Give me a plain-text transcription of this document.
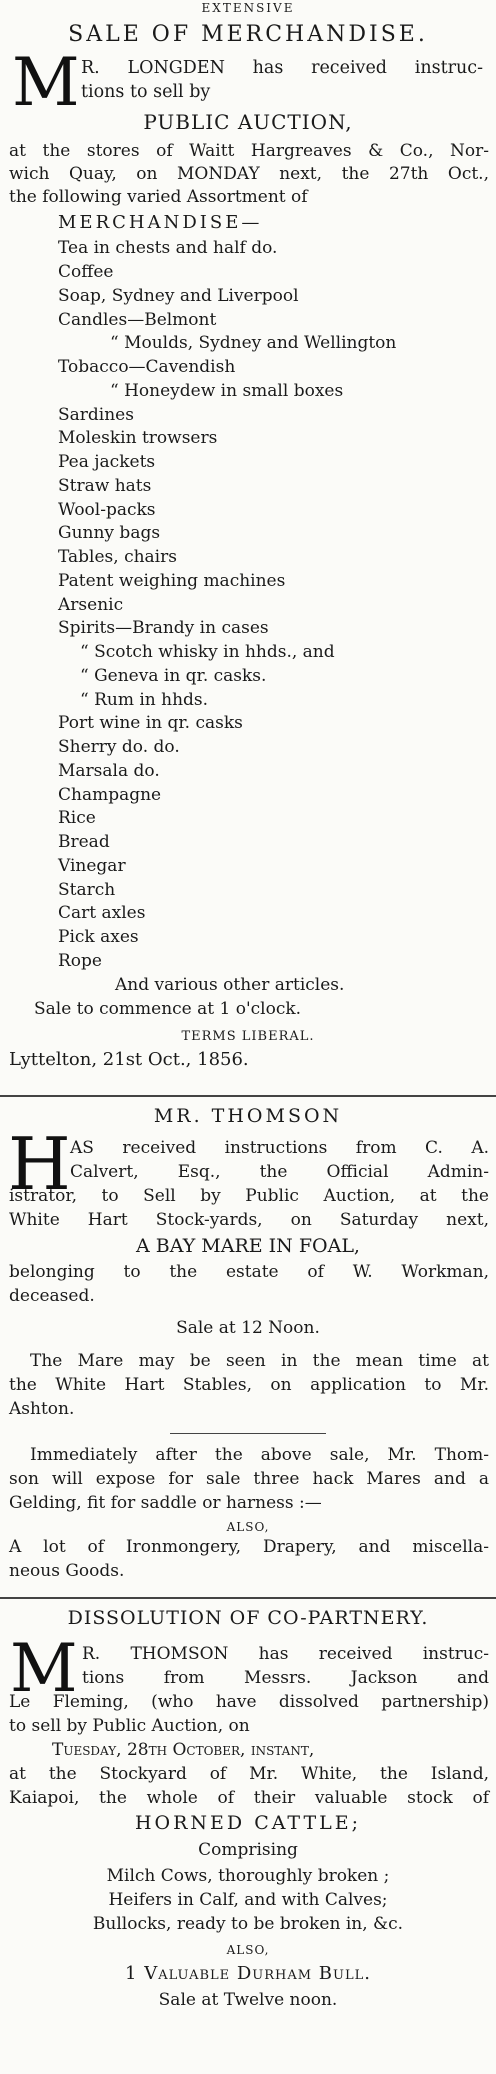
EXTENSIVE
SALE OF MERCHANDISE.
M R. LONGDEN has received instruc-
tions to sell by
PUBLIC AUCTION,
at the stores of Waitt Hargreaves & Co., Nor-
wich Quay, on MONDAY next, the 27th Oct.,
the following varied Assortment of
MERCHANDISE—
Tea in chests and half do.
Coffee
Soap, Sydney and Liverpool
Candles—Belmont
“ Moulds, Sydney and Wellington
Tobacco—Cavendish
“ Honeydew in small boxes
Sardines
Moleskin trowsers
Pea jackets
Straw hats
Wool-packs
Gunny bags
Tables, chairs
Patent weighing machines
Arsenic
Spirits—Brandy in cases
“ Scotch whisky in hhds., and
“ Geneva in qr. casks.
“ Rum in hhds.
Port wine in qr. casks
Sherry do. do.
Marsala do.
Champagne
Rice
Bread
Vinegar
Starch
Cart axles
Pick axes
Rope
And various other articles.
Sale to commence at 1 o'clock.
TERMS LIBERAL.
Lyttelton, 21st Oct., 1856.
MR. THOMSON
H AS received instructions from C. A.
Calvert, Esq., the Official Admin-
istrator, to Sell by Public Auction, at the
White Hart Stock-yards, on Saturday next,
A BAY MARE IN FOAL,
belonging to the estate of W. Workman,
deceased.
Sale at 12 Noon.
The Mare may be seen in the mean time at
the White Hart Stables, on application to Mr.
Ashton.
Immediately after the above sale, Mr. Thom-
son will expose for sale three hack Mares and a
Gelding, fit for saddle or harness :—
ALSO,
A lot of Ironmongery, Drapery, and miscella-
neous Goods.
DISSOLUTION OF CO-PARTNERY.
M R. THOMSON has received instruc-
tions from Messrs. Jackson and
Le Fleming, (who have dissolved partnership)
to sell by Public Auction, on
Tuesday, 28th October, instant,
at the Stockyard of Mr. White, the Island,
Kaiapoi, the whole of their valuable stock of
HORNED CATTLE;
Comprising
Milch Cows, thoroughly broken ;
Heifers in Calf, and with Calves;
Bullocks, ready to be broken in, &c.
ALSO,
1 Valuable Durham Bull.
Sale at Twelve noon.
